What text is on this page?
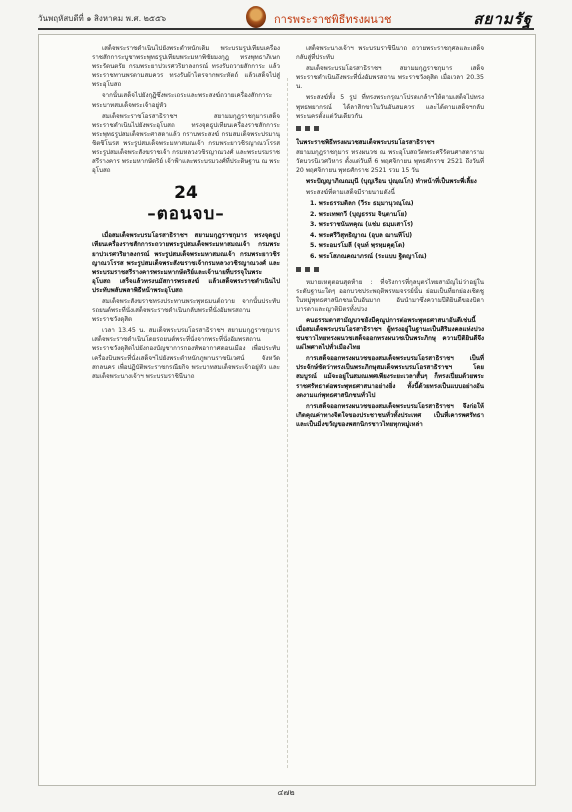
วันพฤหัสบดีที่ ๑ สิงหาคม พ.ศ. ๒๕๕๖	การพระราชพิธีทรงผนวช	สยามรัฐ

เสด็จพระราชดำเนินไปยังพระตำหนักเดิม พระบรมรูปเทียบเครื่องราชสักการะบูชาพระพุทธรูปเทียบพระมหาพิชัยมงกุฎ ทรงพุทธาภิเษกพระรัตนตรัย กรมพระยาปวเรศวริยาลงกรณ์ ทรงรับถวายสักการะ แล้วพระราชทานพรตามสมควร ทรงรับผ้าไตรจากพระหัตถ์ แล้วเสด็จไปสู่พระอุโบสถ

จากนั้นเสด็จไปยังกุฏิซึ่งพระเถระและพระสงฆ์ถวายเครื่องสักการะ พระบาทสมเด็จพระเจ้าอยู่หัว

สมเด็จพระราชโอรสาธิราชฯ สยามมกุฎราชกุมารเสด็จพระราชดำเนินไปยังพระอุโบสถ ทรงจุดธูปเทียนเครื่องราชสักการะพระพุทธรูปสมเด็จพระศาสดาแล้ว กราบพระสงฆ์ กรมสมเด็จพระปรมานุชิตชิโนรส พระรูปสมเด็จพระมหาสมณเจ้า กรมพระยาวชิรญาณวโรรส พระรูปสมเด็จพระสังฆราชเจ้า กรมหลวงวชิรญาณวงศ์ และพระบรมราชสรีรางคาร พระมหากษัตริย์ เจ้าฟ้าและพระบรมวงศ์ที่ประดิษฐาน ณ พระอุโบสถ

24
–ตอนจบ–

เมื่อสมเด็จพระบรมโอรสาธิราชฯ สยามมกุฎราชกุมาร ทรงจุดธูปเทียนเครื่องราชสักการะถวายพระรูปสมเด็จพระมหาสมณเจ้า กรมพระยาปวเรศวริยาลงกรณ์ พระรูปสมเด็จพระมหาสมณเจ้า กรมพระยาวชิรญาณวโรรส พระรูปสมเด็จพระสังฆราชเจ้ากรมหลวงวชิรญาณวงศ์ และพระบรมราชสรีรางคารพระมหากษัตริย์และเจ้านายที่บรรจุในพระอุโบสถ เสร็จแล้วทรงนมัสการพระสงฆ์ แล้วเสด็จพระราชดำเนินไปประทับพลับพลาพิธีหน้าพระอุโบสถ

สมเด็จพระสังฆราชทรงประทานพระพุทธมนต์ถวาย จากนั้นประทับรถยนต์พระที่นั่งเสด็จพระราชดำเนินกลับพระที่นั่งอัมพรสถาน พระราชวังดุสิต

เวลา 13.45 น. สมเด็จพระบรมโอรสาธิราชฯ สยามมกุฎราชกุมาร เสด็จพระราชดำเนินโดยรถยนต์พระที่นั่งจากพระที่นั่งอัมพรสถาน พระราชวังดุสิตไปยังกองบัญชาการกองทัพอากาศดอนเมือง เพื่อประทับเครื่องบินพระที่นั่งเสด็จฯไปยังพระตำหนักภูพานราชนิเวศน์ จังหวัดสกลนคร เพื่อปฏิบัติพระราชกรณียกิจ พระบาทสมเด็จพระเจ้าอยู่หัว และสมเด็จพระนางเจ้าฯ พระบรมราชินีนาถ

เสด็จพระนางเจ้าฯ พระบรมราชินีนาถ ถวายพระราชกุศลและเสด็จกลับสู่ที่ประทับ

สมเด็จพระบรมโอรสาธิราชฯ สยามมกุฎราชกุมาร เสด็จพระราชดำเนินถึงพระที่นั่งอัมพรสถาน พระราชวังดุสิต เมื่อเวลา 20.35 น.

พระสงฆ์ทั้ง 5 รูป ที่ทรงพระกรุณาโปรดเกล้าฯให้ตามเสด็จไปทรงพุทธพยากรณ์ ได้ลาสิกขาในวันอันสมควร และได้ตามเสด็จฯกลับพระนครตั้งแต่วันเดียวกัน

ในพระราชพิธีทรงผนวชสมเด็จพระบรมโอรสาธิราชฯ

สยามมกุฎราชกุมาร ทรงผนวช ณ พระอุโบสถวัดพระศรีรัตนศาสดาราม วัดบวรนิเวศวิหาร ตั้งแต่วันที่ 6 พฤศจิกายน พุทธศักราช 2521 ถึงวันที่ 20 พฤศจิกายน พุทธศักราช 2521 รวม 15 วัน

พระปัญญาภิณณมุนี (บุญเรือน ปุณฺณโก) ทำหน้าที่เป็นพระพี่เลี้ยง

พระสงฆ์ที่ตามเสด็จมีรายนามดังนี้

1. พระธรรมดิลก (วีระ ธมฺมานุวณฺโณ)
2. พระเทพกวี (บุญธรรม จินฺตามโย)
3. พระราชนันทคุณ (แช่ม ธมฺมเสาโร)
4. พระศรีวิสุทธิญาณ (อุบล ฌานทีโป)
5. พระอมรโมลี (จุนท์ พฺรหฺมคุตฺโต)
6. พระโสภณคณาภรณ์ (ระแบบ ฐิตญาโณ)

หมายเหตุตอนสุดท้าย : ที่จริงการที่กุลบุตรไทยสามัญไม่ว่าอยู่ในระดับฐานะใดๆ ออกบวชประพฤติพรหมจรรย์นั้น ย่อมเป็นที่ยกย่องเชิดชูในหมู่พุทธศาสนิกชนเป็นอันมาก อันนำมาซึ่งความปีติยินดีของบิดามารดาและญาติมิตรทั้งปวง

คนธรรมดาสามัญบวชยังมีคุณูปการต่อพระพุทธศาสนาอันดีเช่นนี้ เมื่อสมเด็จพระบรมโอรสาธิราชฯ ผู้ทรงอยู่ในฐานะเป็นสิริมงคลแห่งปวงชนชาวไทยทรงผนวชเสด็จออกทรงผนวชเป็นพระภิกษุ ความปีติยินดีจึงแผ่ไพศาลไปทั่วเมืองไทย

การเสด็จออกทรงผนวชของสมเด็จพระบรมโอรสาธิราชฯ เป็นที่ประจักษ์ชัดว่าทรงเป็นพระภิกษุสมเด็จพระบรมโอรสาธิราชฯ โดยสมบูรณ์ แม้จะอยู่ในสมณเพศเพียงระยะเวลาสั้นๆ ก็ทรงเปี่ยมด้วยพระราชศรัทธาต่อพระพุทธศาสนาอย่างยิ่ง ทั้งนี้ด้วยทรงเป็นแบบอย่างอันงดงามแก่พุทธศาสนิกชนทั่วไป

การเสด็จออกทรงผนวชของสมเด็จพระบรมโอรสาธิราชฯ จึงก่อให้เกิดคุณค่าทางจิตใจของประชาชนทั่วทั้งประเทศ เป็นที่เคารพศรัทธาและเป็นมิ่งขวัญของพสกนิกรชาวไทยทุกหมู่เหล่า

๔๗๒
